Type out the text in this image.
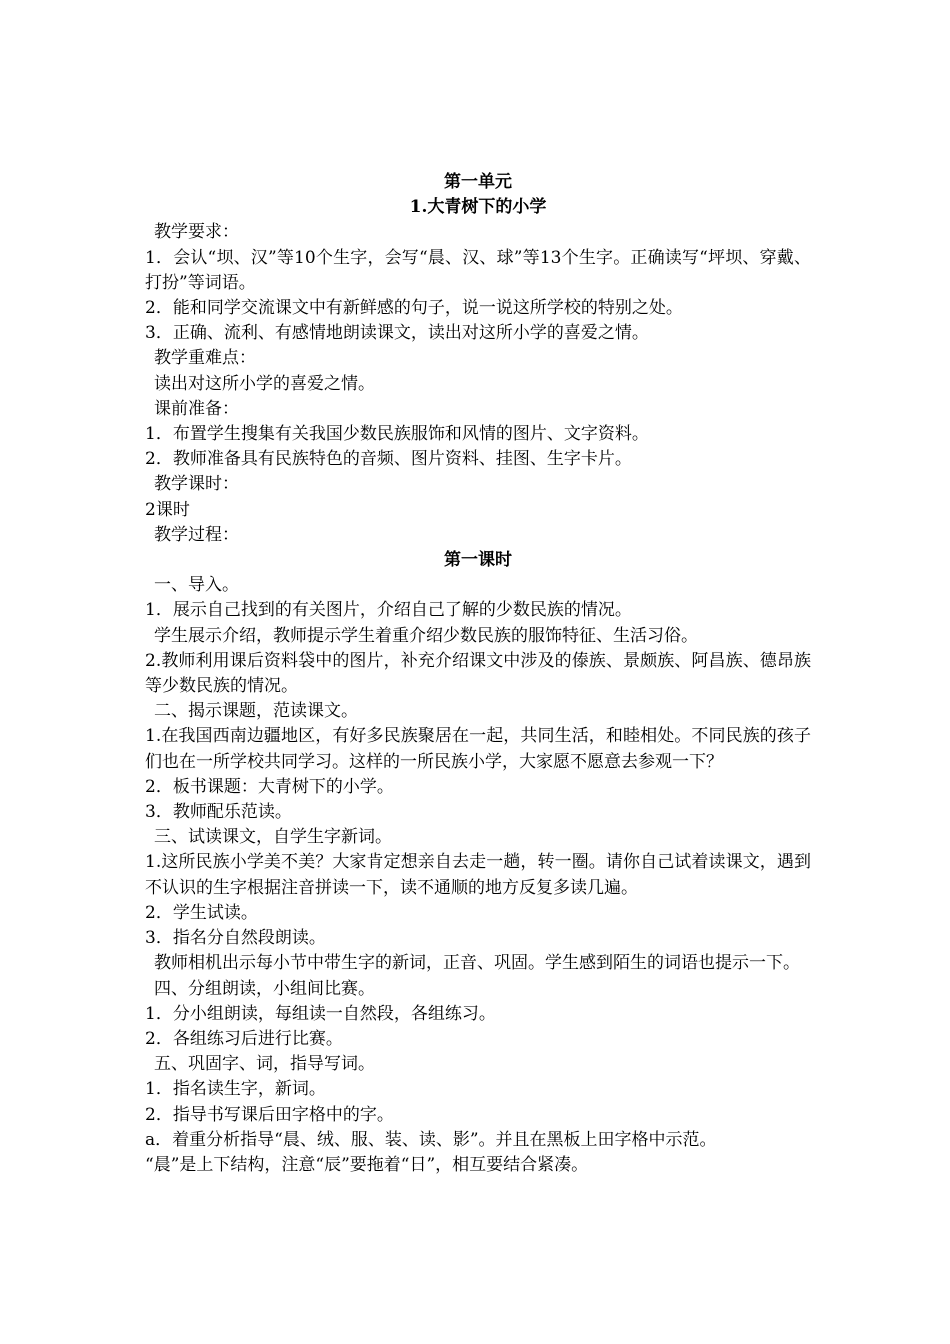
第一单元
1.大青树下的小学
教学要求：
1．会认“坝、汉”等10个生字，会写“晨、汉、球”等13个生字。正确读写“坪坝、穿戴、打扮”等词语。
2．能和同学交流课文中有新鲜感的句子，说一说这所学校的特别之处。
3．正确、流利、有感情地朗读课文，读出对这所小学的喜爱之情。
教学重难点：
读出对这所小学的喜爱之情。
课前准备：
1．布置学生搜集有关我国少数民族服饰和风情的图片、文字资料。
2．教师准备具有民族特色的音频、图片资料、挂图、生字卡片。
教学课时：
2课时
教学过程：
第一课时
一、导入。
1．展示自己找到的有关图片，介绍自己了解的少数民族的情况。
学生展示介绍，教师提示学生着重介绍少数民族的服饰特征、生活习俗。
2.教师利用课后资料袋中的图片，补充介绍课文中涉及的傣族、景颇族、阿昌族、德昂族等少数民族的情况。
二、揭示课题，范读课文。
1.在我国西南边疆地区，有好多民族聚居在一起，共同生活，和睦相处。不同民族的孩子们也在一所学校共同学习。这样的一所民族小学，大家愿不愿意去参观一下？
2．板书课题：大青树下的小学。
3．教师配乐范读。
三、试读课文，自学生字新词。
1.这所民族小学美不美？大家肯定想亲自去走一趟，转一圈。请你自己试着读课文，遇到不认识的生字根据注音拼读一下，读不通顺的地方反复多读几遍。
2．学生试读。
3．指名分自然段朗读。
教师相机出示每小节中带生字的新词，正音、巩固。学生感到陌生的词语也提示一下。
四、分组朗读，小组间比赛。
1．分小组朗读，每组读一自然段，各组练习。
2．各组练习后进行比赛。
五、巩固字、词，指导写词。
1．指名读生字，新词。
2．指导书写课后田字格中的字。
a．着重分析指导“晨、绒、服、装、读、影”。并且在黑板上田字格中示范。
“晨”是上下结构，注意“辰”要拖着“日”，相互要结合紧凑。
